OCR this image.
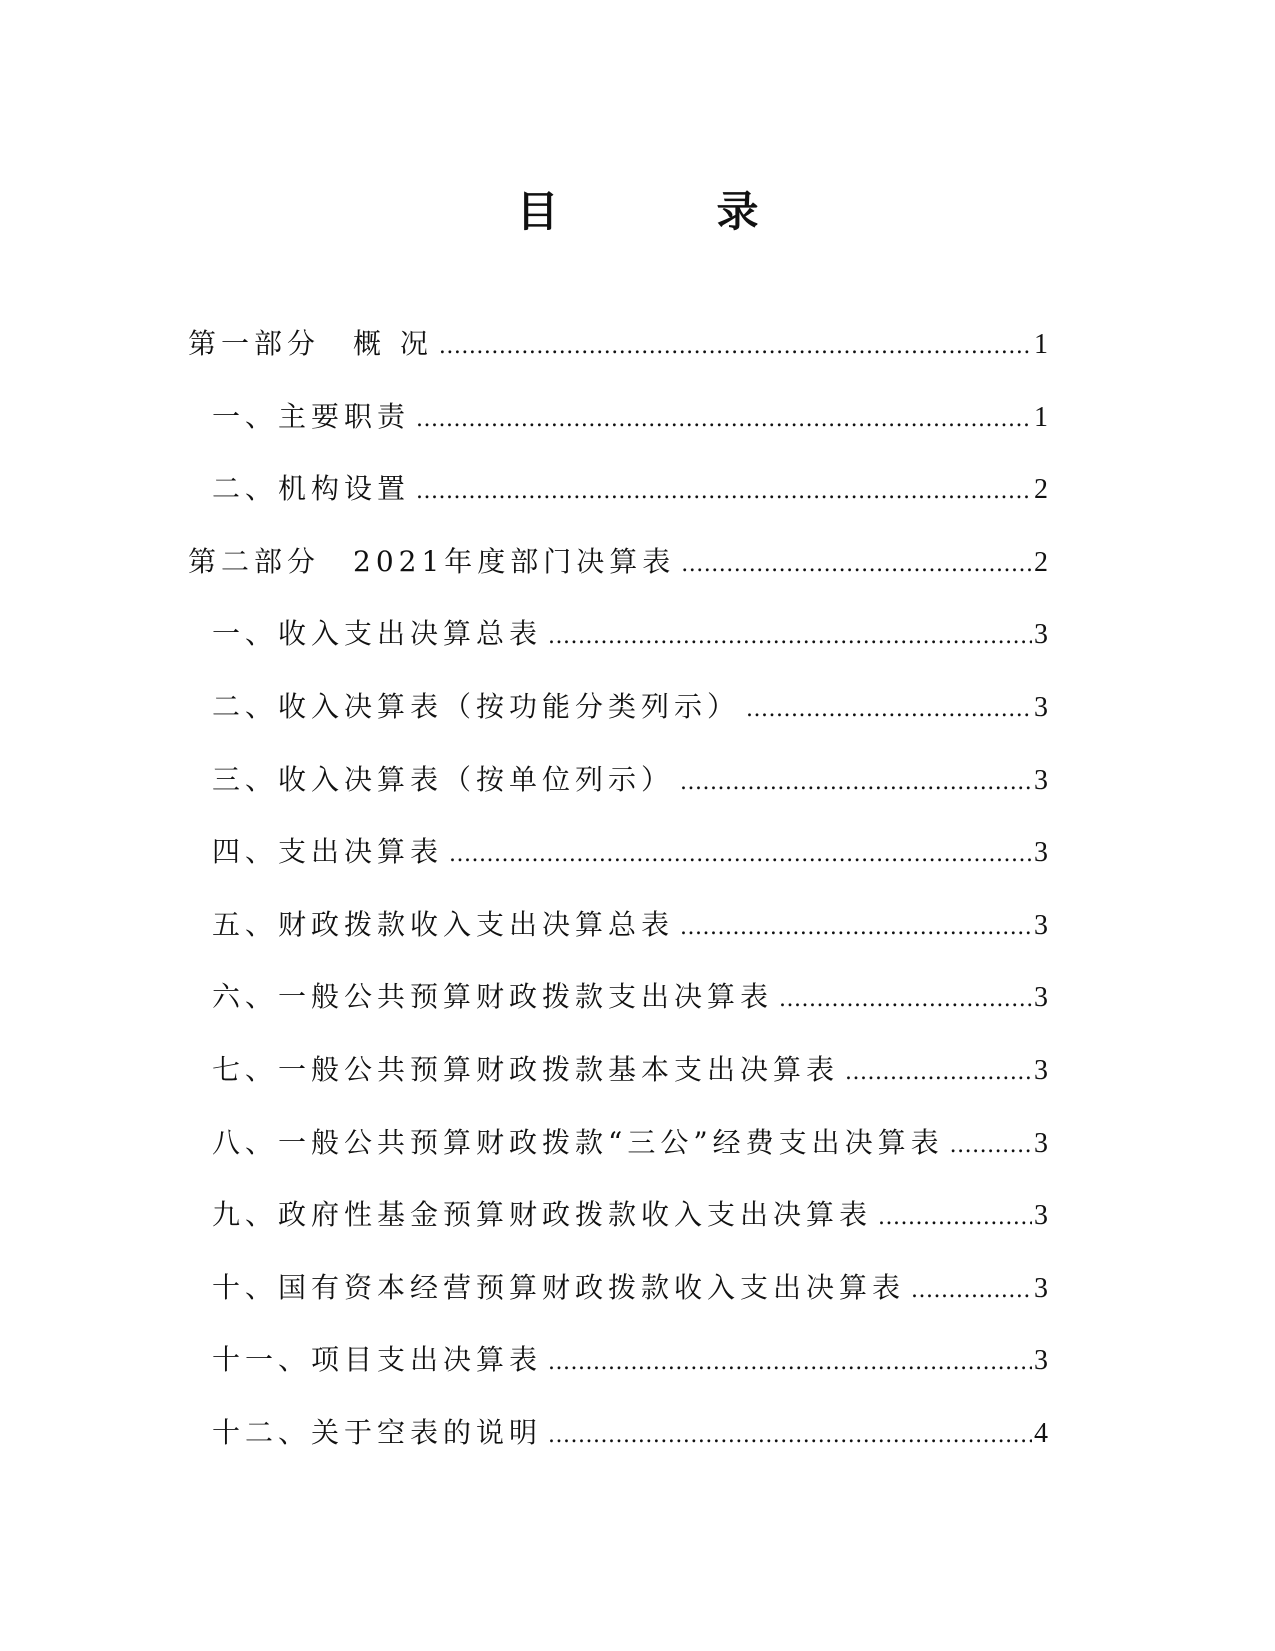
目　录
第一部分　概 况 .....	1
一、主要职责 .....	1
二、机构设置 .....	2
第二部分　2021年度部门决算表 .....	2
一、收入支出决算总表 .....	3
二、收入决算表（按功能分类列示） .....	3
三、收入决算表（按单位列示） .....	3
四、支出决算表 .....	3
五、财政拨款收入支出决算总表 .....	3
六、一般公共预算财政拨款支出决算表 .....	3
七、一般公共预算财政拨款基本支出决算表 .....	3
八、一般公共预算财政拨款“三公”经费支出决算表 .....	3
九、政府性基金预算财政拨款收入支出决算表 .....	3
十、国有资本经营预算财政拨款收入支出决算表 .....	3
十一、项目支出决算表 .....	3
十二、关于空表的说明 .....	4
